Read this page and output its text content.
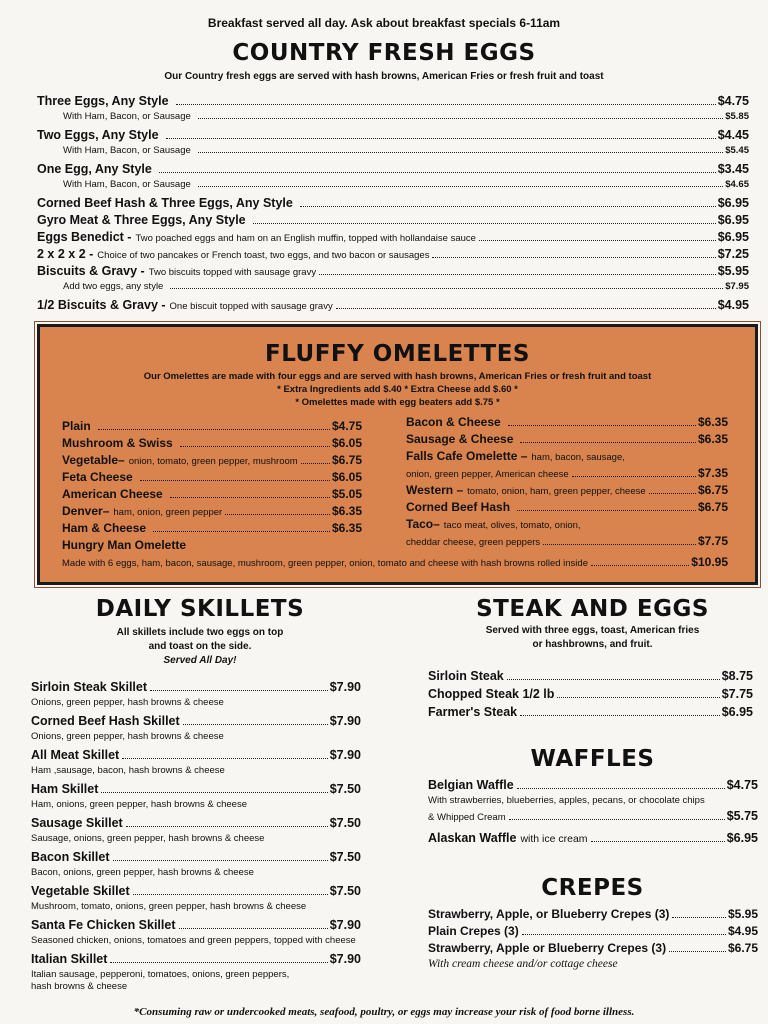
Breakfast served all day. Ask about breakfast specials 6-11am
COUNTRY FRESH EGGS
Our Country fresh eggs are served with hash browns, American Fries or fresh fruit and toast
Three Eggs, Any Style	$4.75
With Ham, Bacon, or Sausage	$5.85
Two Eggs, Any Style	$4.45
With Ham, Bacon, or Sausage	$5.45
One Egg, Any Style	$3.45
With Ham, Bacon, or Sausage	$4.65
Corned Beef Hash & Three Eggs, Any Style	$6.95
Gyro Meat & Three Eggs, Any Style	$6.95
Eggs Benedict - Two poached eggs and ham on an English muffin, topped with hollandaise sauce	$6.95
2 x 2 x 2 - Choice of two pancakes or French toast, two eggs, and two bacon or sausages	$7.25
Biscuits & Gravy - Two biscuits topped with sausage gravy	$5.95
Add two eggs, any style	$7.95
1/2 Biscuits & Gravy - One biscuit topped with sausage gravy	$4.95
FLUFFY OMELETTES
Our Omelettes are made with four eggs and are served with hash browns, American Fries or fresh fruit and toast
* Extra Ingredients add $.40 * Extra Cheese add $.60 *
* Omelettes made with egg beaters add $.75 *
Plain	$4.75
Mushroom & Swiss	$6.05
Vegetable– onion, tomato, green pepper, mushroom	$6.75
Feta Cheese	$6.05
American Cheese	$5.05
Denver– ham, onion, green pepper	$6.35
Ham & Cheese	$6.35
Hungry Man Omelette
Bacon & Cheese	$6.35
Sausage & Cheese	$6.35
Falls Cafe Omelette – ham, bacon, sausage,
onion, green pepper, American cheese	$7.35
Western – tomato, onion, ham, green pepper, cheese	$6.75
Corned Beef Hash	$6.75
Taco– taco meat, olives, tomato, onion,
cheddar cheese, green peppers	$7.75
Made with 6 eggs, ham, bacon, sausage, mushroom, green pepper, onion, tomato and cheese with hash browns rolled inside	$10.95
DAILY SKILLETS
All skillets include two eggs on top
and toast on the side.
Served All Day!
Sirloin Steak Skillet	$7.90
Onions, green pepper, hash browns & cheese
Corned Beef Hash Skillet	$7.90
Onions, green pepper, hash browns & cheese
All Meat Skillet	$7.90
Ham ,sausage, bacon, hash browns & cheese
Ham Skillet	$7.50
Ham, onions, green pepper, hash browns & cheese
Sausage Skillet	$7.50
Sausage, onions, green pepper, hash browns & cheese
Bacon Skillet	$7.50
Bacon, onions, green pepper, hash browns & cheese
Vegetable Skillet	$7.50
Mushroom, tomato, onions, green pepper, hash browns & cheese
Santa Fe Chicken Skillet	$7.90
Seasoned chicken, onions, tomatoes and green peppers, topped with cheese
Italian Skillet	$7.90
Italian sausage, pepperoni, tomatoes, onions, green peppers,
hash browns & cheese
STEAK AND EGGS
Served with three eggs, toast, American fries
or hashbrowns, and fruit.
Sirloin Steak	$8.75
Chopped Steak 1/2 lb	$7.75
Farmer's Steak	$6.95
WAFFLES
Belgian Waffle	$4.75
With strawberries, blueberries, apples, pecans, or chocolate chips
& Whipped Cream	$5.75
Alaskan Waffle with ice cream	$6.95
CREPES
Strawberry, Apple, or Blueberry Crepes (3)	$5.95
Plain Crepes (3)	$4.95
Strawberry, Apple or Blueberry Crepes (3)	$6.75
With cream cheese and/or cottage cheese
*Consuming raw or undercooked meats, seafood, poultry, or eggs may increase your risk of food borne illness.
